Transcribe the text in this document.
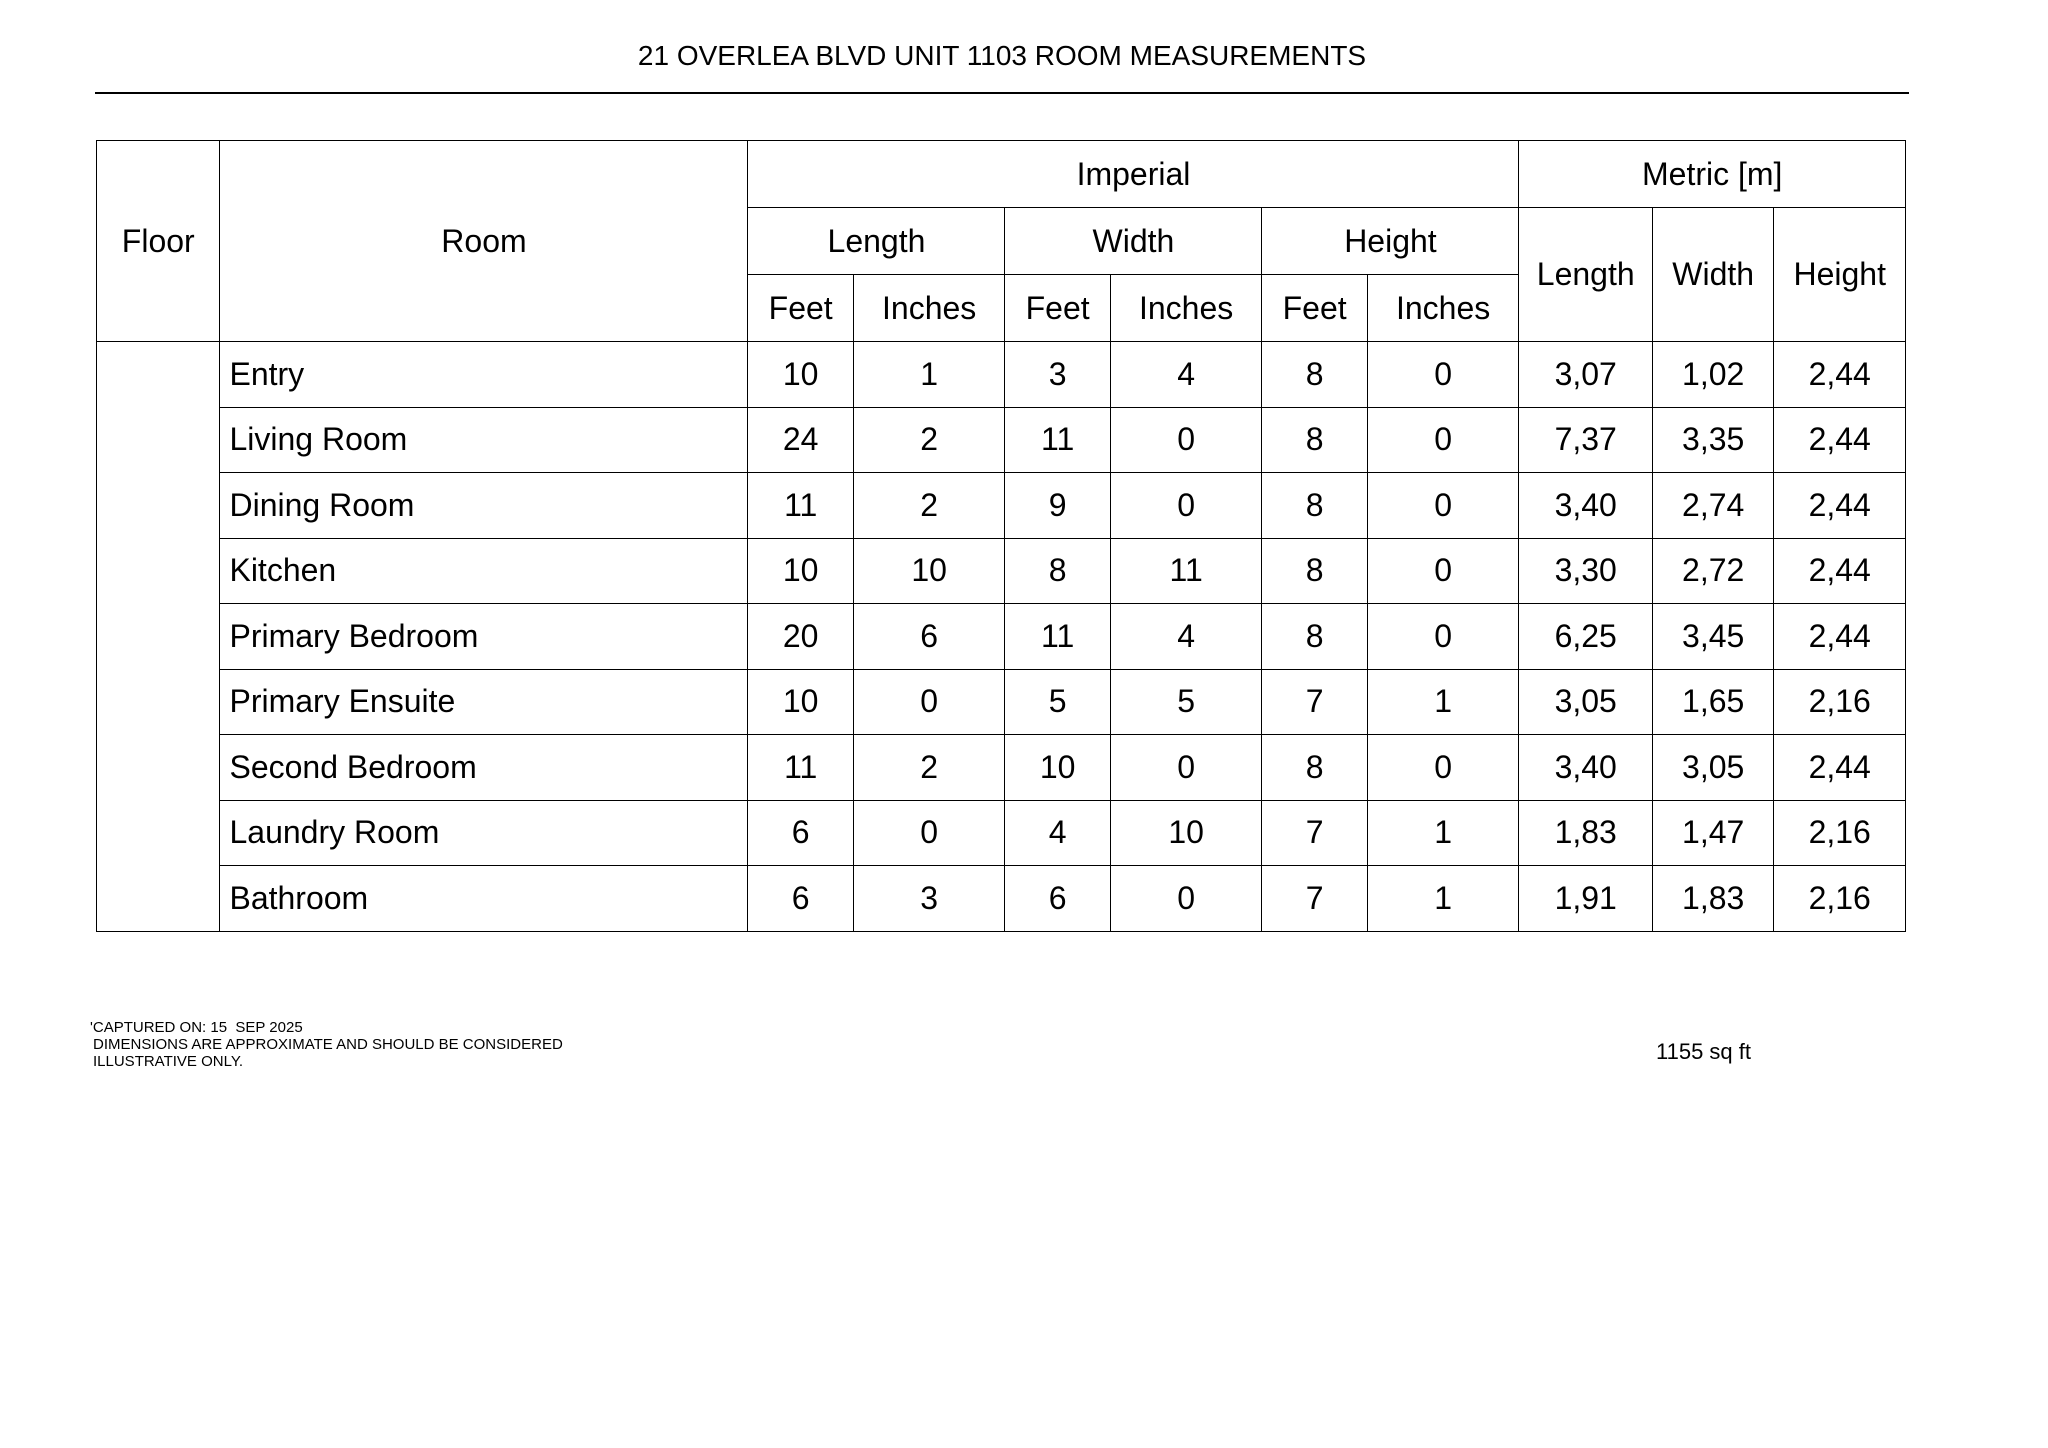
21 OVERLEA BLVD UNIT 1103 ROOM MEASUREMENTS
Floor	Room	Imperial						Metric [m]		
		Length		Width		Height		Length	Width	Height
		Feet	Inches	Feet	Inches	Feet	Inches			
	Entry	10	1	3	4	8	0	3,07	1,02	2,44
	Living Room	24	2	11	0	8	0	7,37	3,35	2,44
	Dining Room	11	2	9	0	8	0	3,40	2,74	2,44
	Kitchen	10	10	8	11	8	0	3,30	2,72	2,44
	Primary Bedroom	20	6	11	4	8	0	6,25	3,45	2,44
	Primary Ensuite	10	0	5	5	7	1	3,05	1,65	2,16
	Second Bedroom	11	2	10	0	8	0	3,40	3,05	2,44
	Laundry Room	6	0	4	10	7	1	1,83	1,47	2,16
	Bathroom	6	3	6	0	7	1	1,91	1,83	2,16
'CAPTURED ON: 15  SEP 2025
DIMENSIONS ARE APPROXIMATE AND SHOULD BE CONSIDERED
ILLUSTRATIVE ONLY.	1155 sq ft
